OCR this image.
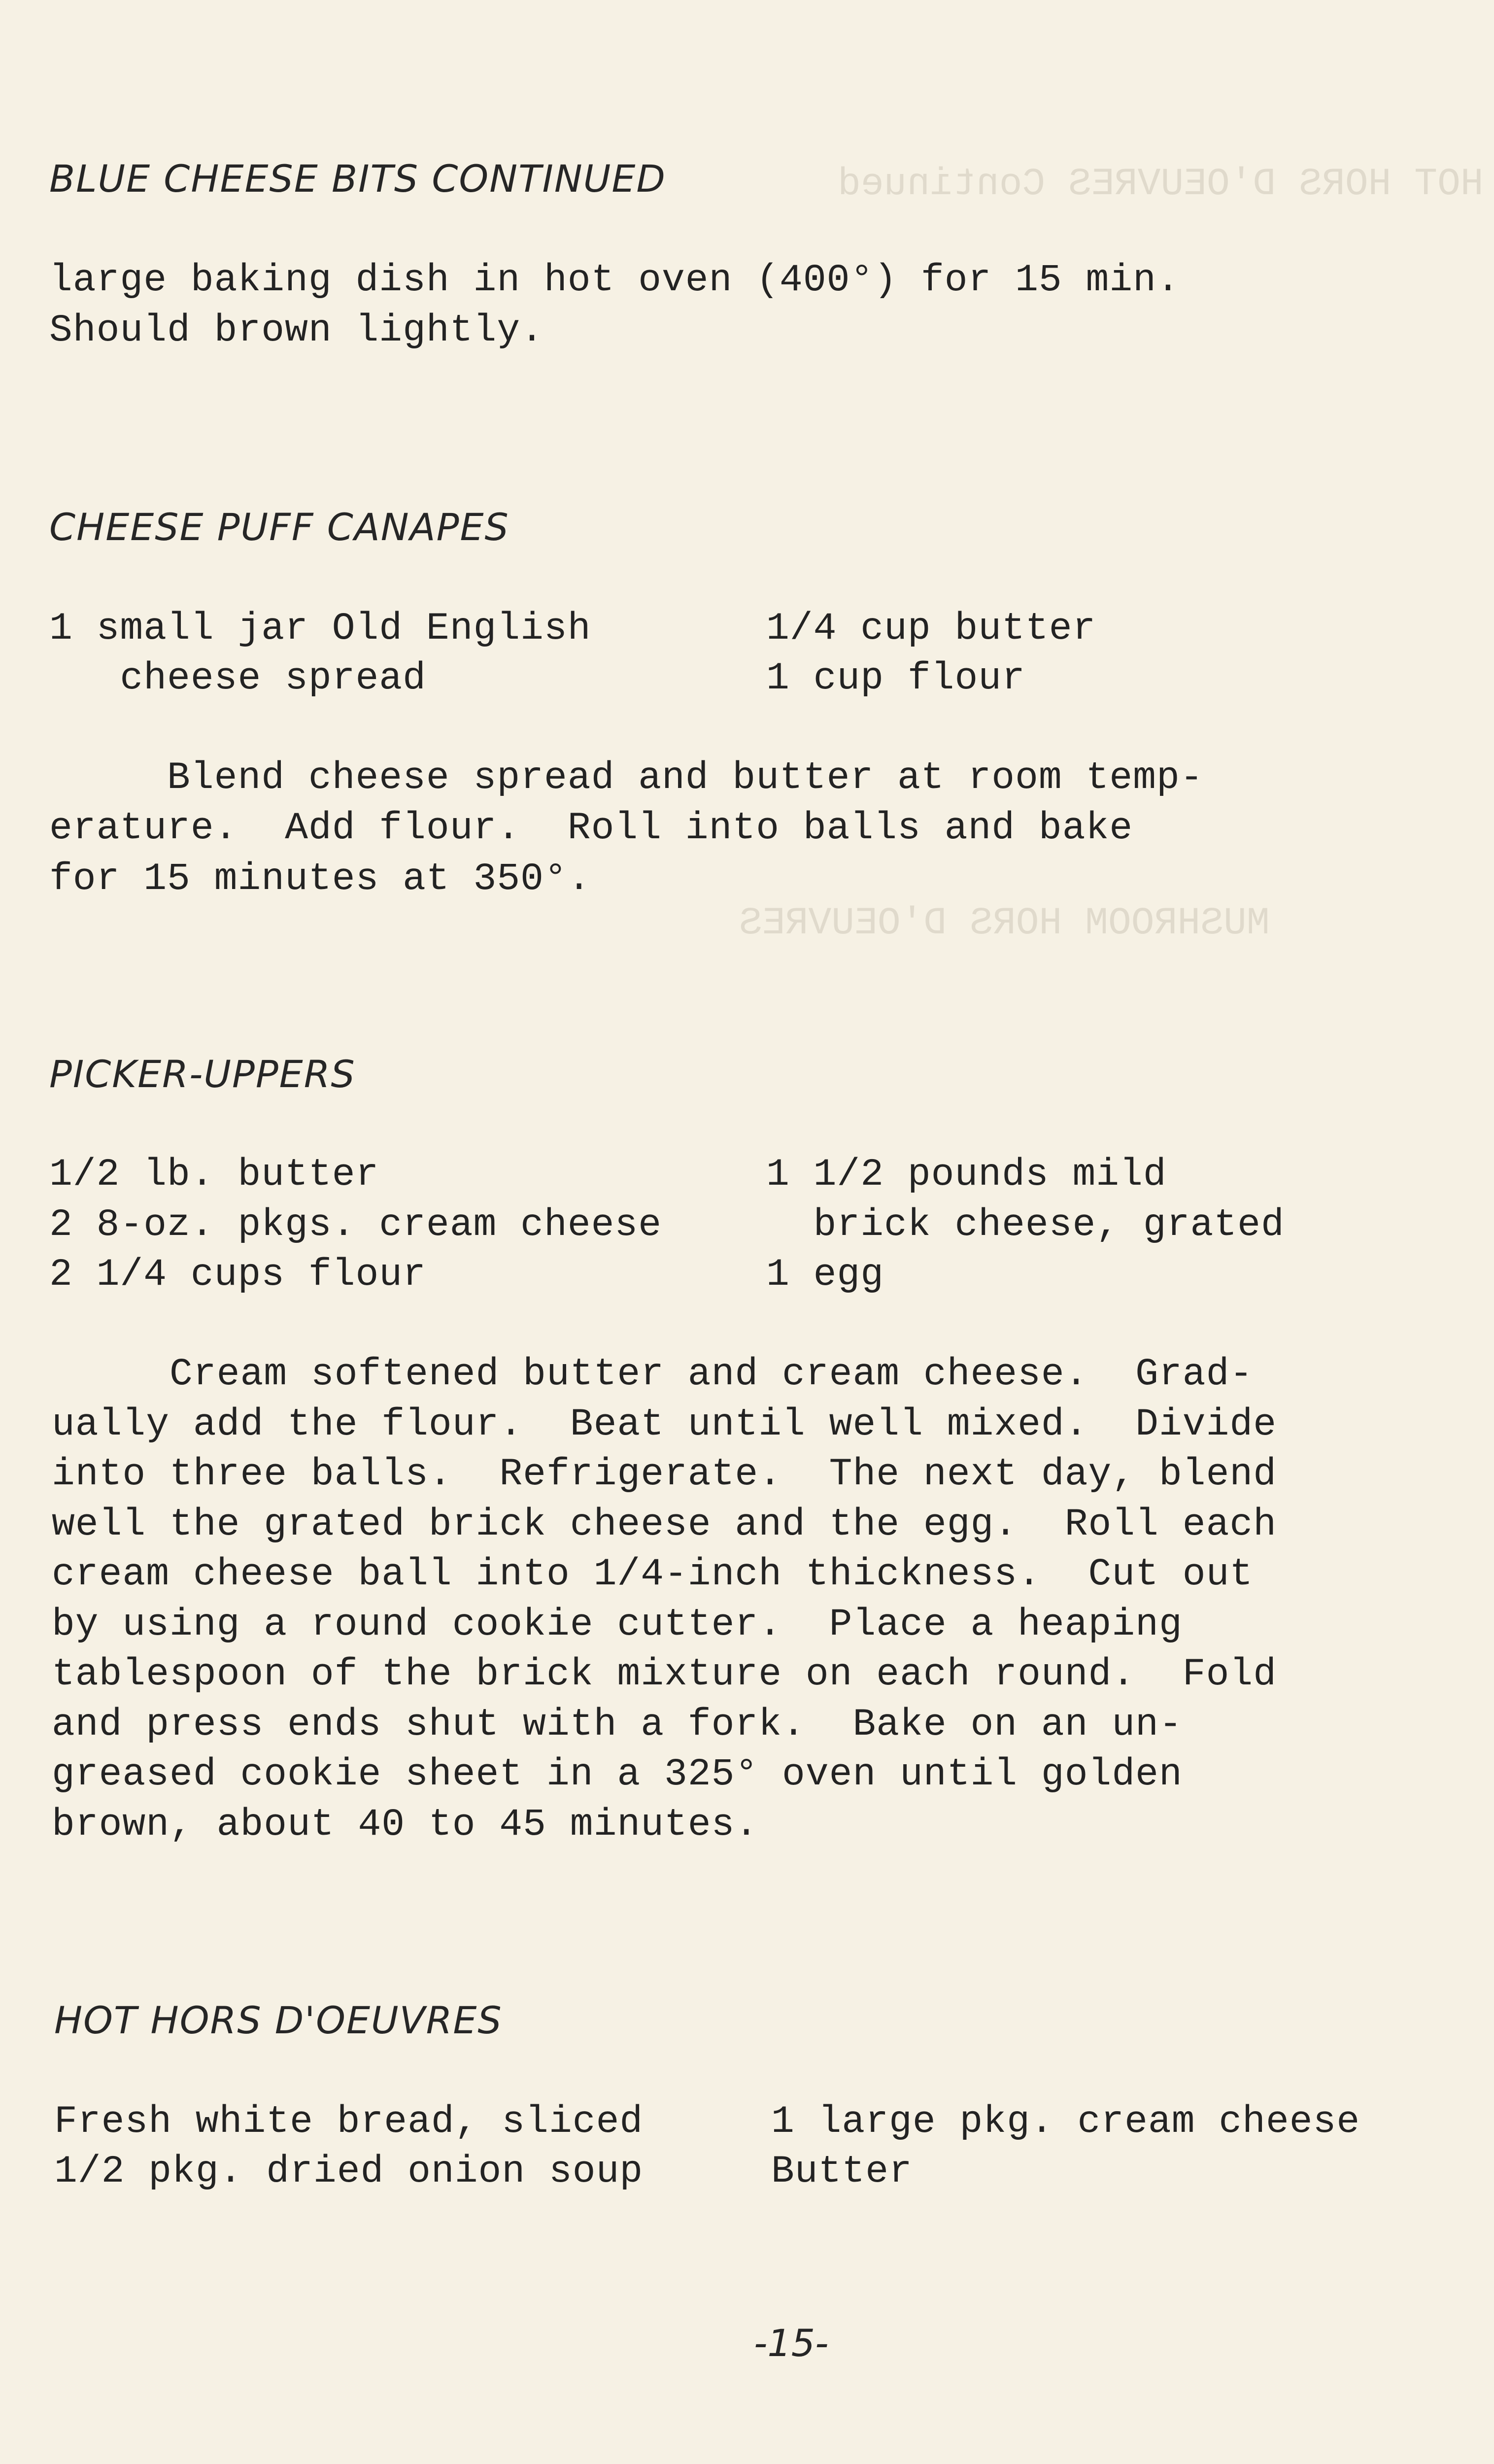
HOT HORS D'OEUVRES Continued
MUSHROOM HORS D'OEUVRES
BLUE CHEESE BITS CONTINUED
large baking dish in hot oven (400°) for 15 min.
Should brown lightly.
CHEESE PUFF CANAPES
1 small jar Old English
cheese spread
1/4 cup butter
1 cup flour
Blend cheese spread and butter at room temp-
erature.  Add flour.  Roll into balls and bake
for 15 minutes at 350°.
PICKER-UPPERS
1/2 lb. butter
2 8-oz. pkgs. cream cheese
2 1/4 cups flour
1 1/2 pounds mild
brick cheese, grated
1 egg
Cream softened butter and cream cheese.  Grad-
ually add the flour.  Beat until well mixed.  Divide
into three balls.  Refrigerate.  The next day, blend
well the grated brick cheese and the egg.  Roll each
cream cheese ball into 1/4-inch thickness.  Cut out
by using a round cookie cutter.  Place a heaping
tablespoon of the brick mixture on each round.  Fold
and press ends shut with a fork.  Bake on an un-
greased cookie sheet in a 325° oven until golden
brown, about 40 to 45 minutes.
HOT HORS D'OEUVRES
Fresh white bread, sliced
1/2 pkg. dried onion soup
1 large pkg. cream cheese
Butter
-15-
